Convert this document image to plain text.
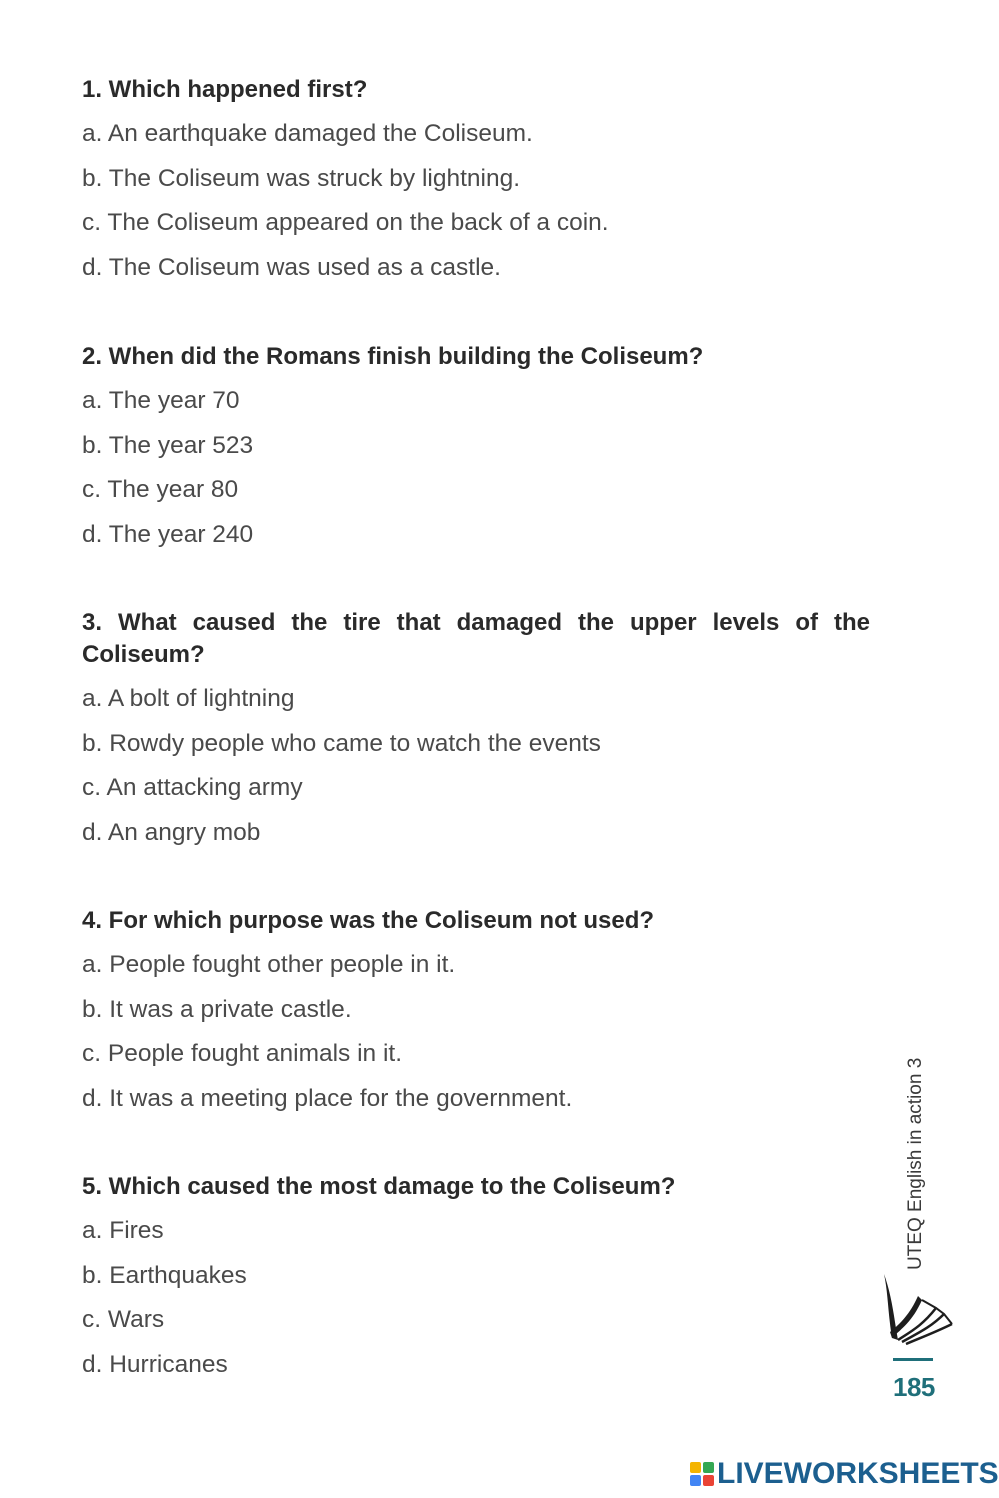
1. Which happened first?
a. An earthquake damaged the Coliseum.
b. The Coliseum was struck by lightning.
c. The Coliseum appeared on the back of a coin.
d. The Coliseum was used as a castle.
2. When did the Romans finish building the Coliseum?
a. The year 70
b. The year 523
c. The year 80
d. The year 240
3. What caused the tire that damaged the upper levels of the Coliseum?
a. A bolt of lightning
b. Rowdy people who came to watch the events
c. An attacking army
d. An angry mob
4. For which purpose was the Coliseum not used?
a. People fought other people in it.
b. It was a private castle.
c. People fought animals in it.
d. It was a meeting place for the government.
5. Which caused the most damage to the Coliseum?
a. Fires
b. Earthquakes
c. Wars
d. Hurricanes
UTEQ English in action 3
185
LIVEWORKSHEETS
